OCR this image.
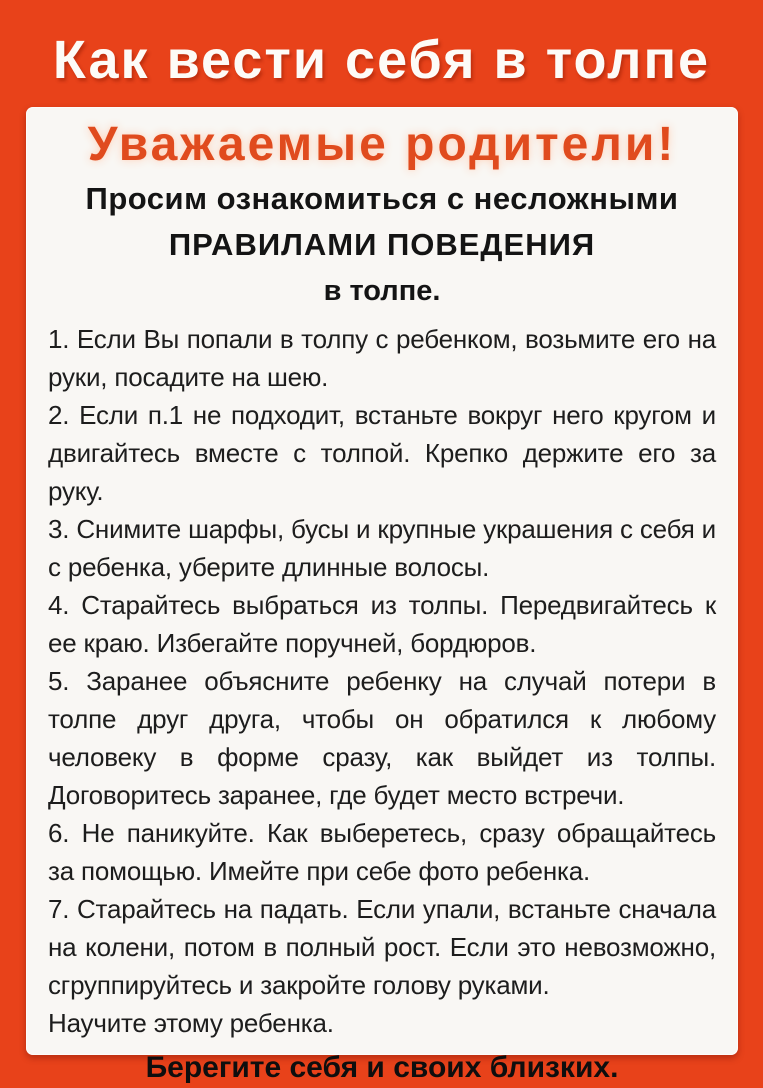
Как вести себя в толпе
Уважаемые родители!

Просим ознакомиться с несложными

ПРАВИЛАМИ ПОВЕДЕНИЯ

в толпе.

1. Если Вы попали в толпу с ребенком, возьмите его на руки, посадите на шею.

2. Если п.1 не подходит, встаньте вокруг него кругом и двигайтесь вместе с толпой. Крепко держите его за руку.

3. Снимите шарфы, бусы и крупные украшения с себя и с ребенка, уберите длинные волосы.

4. Старайтесь выбраться из толпы. Передвигайтесь к ее краю. Избегайте поручней, бордюров.

5. Заранее объясните ребенку на случай потери в толпе друг друга, чтобы он обратился к любому человеку в форме сразу, как выйдет из толпы. Договоритесь заранее, где будет место встречи.

6. Не паникуйте. Как выберетесь, сразу обращайтесь за помощью. Имейте при себе фото ребенка.

7. Старайтесь на падать. Если упали, встаньте сначала на колени, потом в полный рост. Если это невозможно, сгруппируйтесь и закройте голову руками.

Научите этому ребенка.

Берегите себя и своих близких.
